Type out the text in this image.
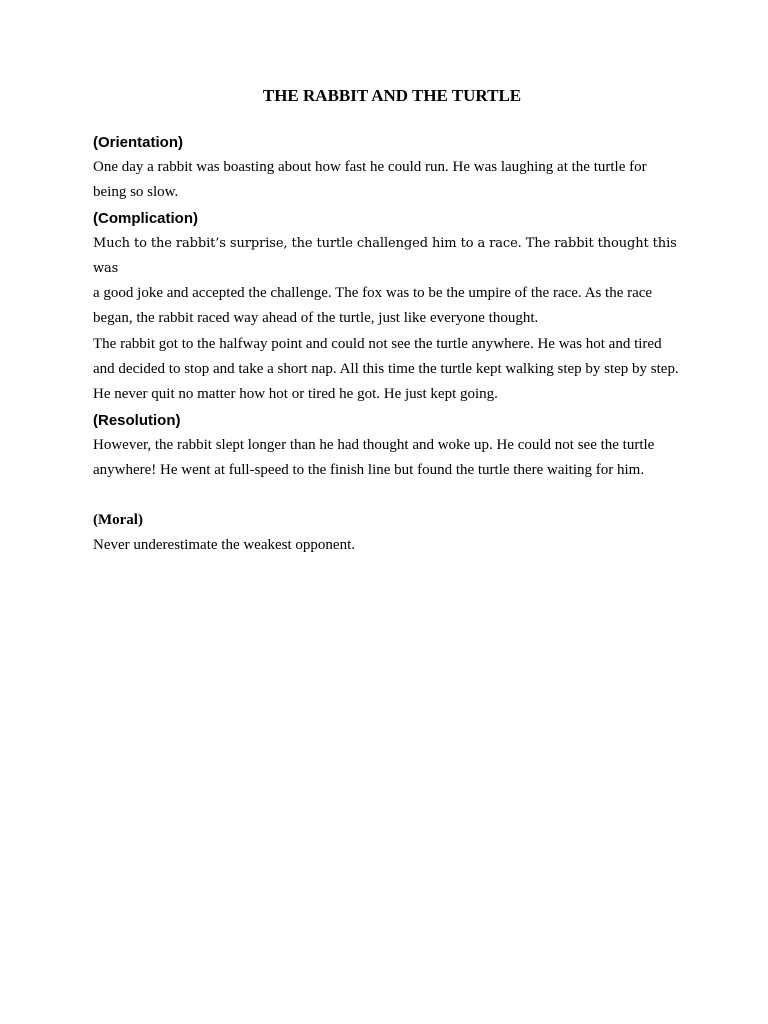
THE RABBIT AND THE TURTLE

(Orientation)

One day a rabbit was boasting about how fast he could run. He was laughing at the turtle for being so slow.

(Complication)

Much to the rabbit’s surprise, the turtle challenged him to a race. The rabbit thought this was

a good joke and accepted the challenge. The fox was to be the umpire of the race. As the race began, the rabbit raced way ahead of the turtle, just like everyone thought.

The rabbit got to the halfway point and could not see the turtle anywhere. He was hot and tired and decided to stop and take a short nap. All this time the turtle kept walking step by step by step. He never quit no matter how hot or tired he got. He just kept going.

(Resolution)

However, the rabbit slept longer than he had thought and woke up. He could not see the turtle anywhere! He went at full-speed to the finish line but found the turtle there waiting for him.

(Moral)

Never underestimate the weakest opponent.
